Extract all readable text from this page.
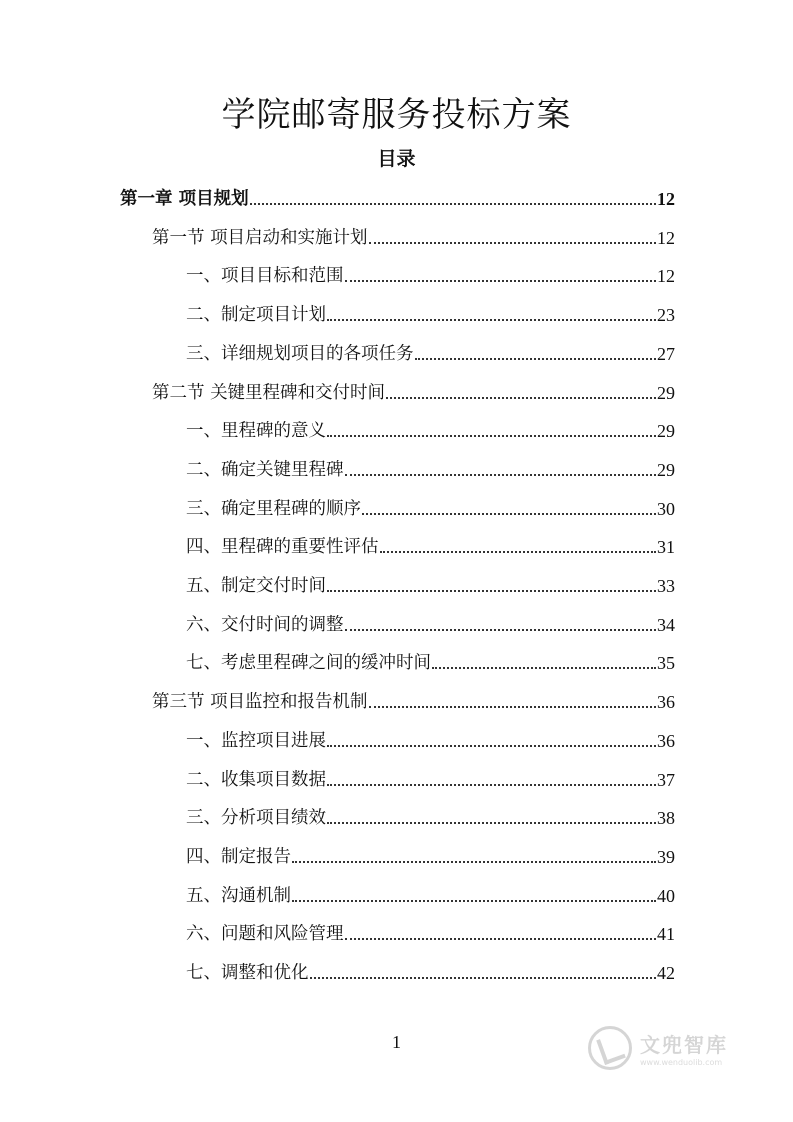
学院邮寄服务投标方案
目录
第一章 项目规划	12
第一节 项目启动和实施计划	12
一、项目目标和范围	12
二、制定项目计划	23
三、详细规划项目的各项任务	27
第二节 关键里程碑和交付时间	29
一、里程碑的意义	29
二、确定关键里程碑	29
三、确定里程碑的顺序	30
四、里程碑的重要性评估	31
五、制定交付时间	33
六、交付时间的调整	34
七、考虑里程碑之间的缓冲时间	35
第三节 项目监控和报告机制	36
一、监控项目进展	36
二、收集项目数据	37
三、分析项目绩效	38
四、制定报告	39
五、沟通机制	40
六、问题和风险管理	41
七、调整和优化	42
1	文兜智库
www.wenduolib.com
